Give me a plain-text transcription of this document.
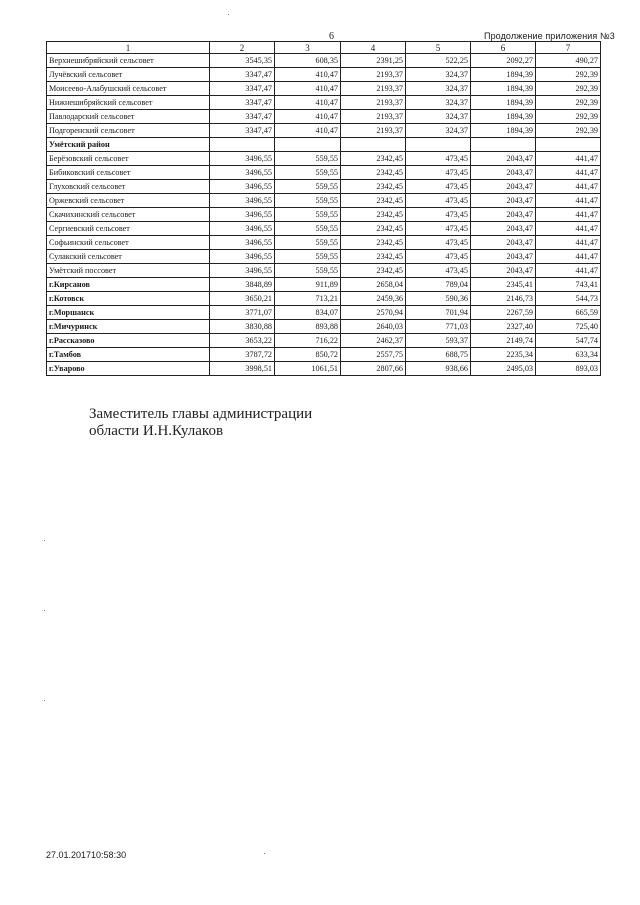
6	Продолжение приложения №3
1	2	3	4	5	6	7
Верхнешибряйский сельсовет	3545,35	608,35	2391,25	522,25	2092,27	490,27
Лучёвский сельсовет	3347,47	410,47	2193,37	324,37	1894,39	292,39
Моисеево-Алабушский сельсовет	3347,47	410,47	2193,37	324,37	1894,39	292,39
Нижнешибряйский сельсовет	3347,47	410,47	2193,37	324,37	1894,39	292,39
Павлодарский сельсовет	3347,47	410,47	2193,37	324,37	1894,39	292,39
Подгоренский сельсовет	3347,47	410,47	2193,37	324,37	1894,39	292,39
Умётский район						
Берёзовский сельсовет	3496,55	559,55	2342,45	473,45	2043,47	441,47
Бибиковский сельсовет	3496,55	559,55	2342,45	473,45	2043,47	441,47
Глуховский сельсовет	3496,55	559,55	2342,45	473,45	2043,47	441,47
Оржевский сельсовет	3496,55	559,55	2342,45	473,45	2043,47	441,47
Скачихинский сельсовет	3496,55	559,55	2342,45	473,45	2043,47	441,47
Сергиевский сельсовет	3496,55	559,55	2342,45	473,45	2043,47	441,47
Софьинский сельсовет	3496,55	559,55	2342,45	473,45	2043,47	441,47
Сулакский сельсовет	3496,55	559,55	2342,45	473,45	2043,47	441,47
Умётский поссовет	3496,55	559,55	2342,45	473,45	2043,47	441,47
г.Кирсанов	3848,89	911,89	2658,04	789,04	2345,41	743,41
г.Котовск	3650,21	713,21	2459,36	590,36	2146,73	544,73
г.Моршанск	3771,07	834,07	2570,94	701,94	2267,59	665,59
г.Мичуринск	3830,88	893,88	2640,03	771,03	2327,40	725,40
г.Рассказово	3653,22	716,22	2462,37	593,37	2149,74	547,74
г.Тамбов	3787,72	850,72	2557,75	688,75	2235,34	633,34
г.Уварово	3998,51	1061,51	2807,66	938,66	2495,03	893,03
Заместитель главы администрации
области И.Н.Кулаков
27.01.201710:58:30
